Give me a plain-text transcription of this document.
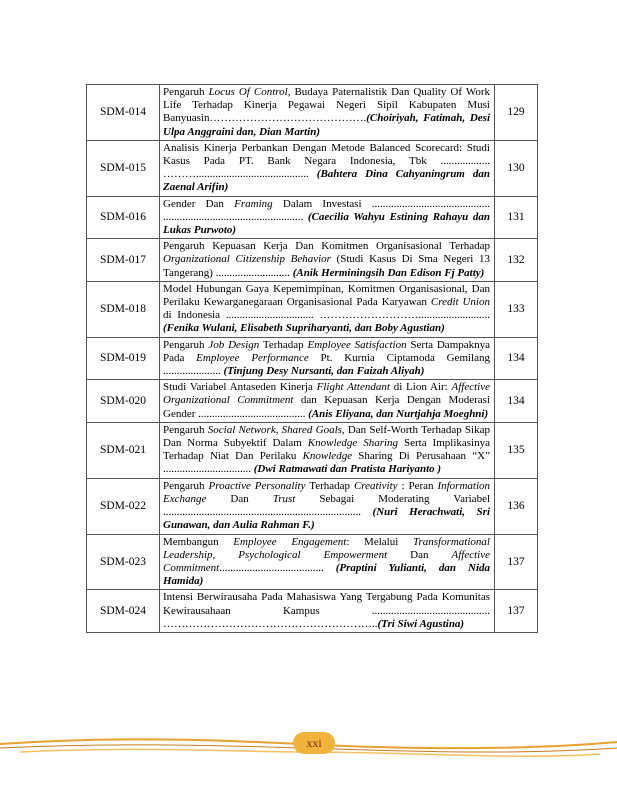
SDM-014	Pengaruh Locus Of Control, Budaya Paternalistik Dan Quality Of Work Life Terhadap Kinerja Pegawai Negeri Sipil Kabupaten Musi Banyuasin…………………………………….(Choiriyah, Fatimah, Desi Ulpa Anggraini dan, Dian Martin)	129
SDM-015	Analisis Kinerja Perbankan Dengan Metode Balanced Scorecard: Studi Kasus Pada PT. Bank Negara Indonesia, Tbk .................. ………......................................... (Bahtera Dina Cahyaningrum dan Zaenal Arifin)	130
SDM-016	Gender Dan Framing Dalam Investasi ........................................... ................................................... (Caecilia Wahyu Estining Rahayu dan Lukas Purwoto)	131
SDM-017	Pengaruh Kepuasan Kerja Dan Komitmen Organisasional Terhadap Organizational Citizenship Behavior (Studi Kasus Di Sma Negeri 13 Tangerang) ........................... (Anik Herminingsih Dan Edison Fj Patty)	132
SDM-018	Model Hubungan Gaya Kepemimpinan, Komitmen Organisasional, Dan Perilaku Kewarganegaraan Organisasional Pada Karyawan Credit Union di Indonesia ................................ ……………………….......................... (Fenika Wulani, Elisabeth Supriharyanti, dan Boby Agustian)	133
SDM-019	Pengaruh Job Design Terhadap Employee Satisfaction Serta Dampaknya Pada Employee Performance Pt. Kurnia Ciptamoda Gemilang ..................... (Tinjung Desy Nursanti, dan Faizah Aliyah)	134
SDM-020	Studi Variabel Antaseden Kinerja Flight Attendant di Lion Air: Affective Organizational Commitment dan Kepuasan Kerja Dengan Moderasi Gender ....................................... (Anis Eliyana, dan Nurtjahja Moeghni)	134
SDM-021	Pengaruh Social Network, Shared Goals, Dan Self-Worth Terhadap Sikap Dan Norma Subyektif Dalam Knowledge Sharing Serta Implikasinya Terhadap Niat Dan Perilaku Knowledge Sharing Di Perusahaan “X” ................................ (Dwi Ratmawati dan Pratista Hariyanto )	135
SDM-022	Pengaruh Proactive Personality Terhadap Creativity : Peran Information Exchange Dan Trust Sebagai Moderating Variabel ........................................................................ (Nuri Herachwati, Sri Gunawan, dan Aulia Rahman F.)	136
SDM-023	Membangun Employee Engagement: Melalui Transformational Leadership, Psychological Empowerment Dan Affective Commitment...................................... (Praptini Yulianti, dan Nida Hamida)	137
SDM-024	Intensi Berwirausaha Pada Mahasiswa Yang Tergabung Pada Komunitas Kewirausahaan Kampus ........................................... …………………………………………………..(Tri Siwi Agustina)	137
xxi
